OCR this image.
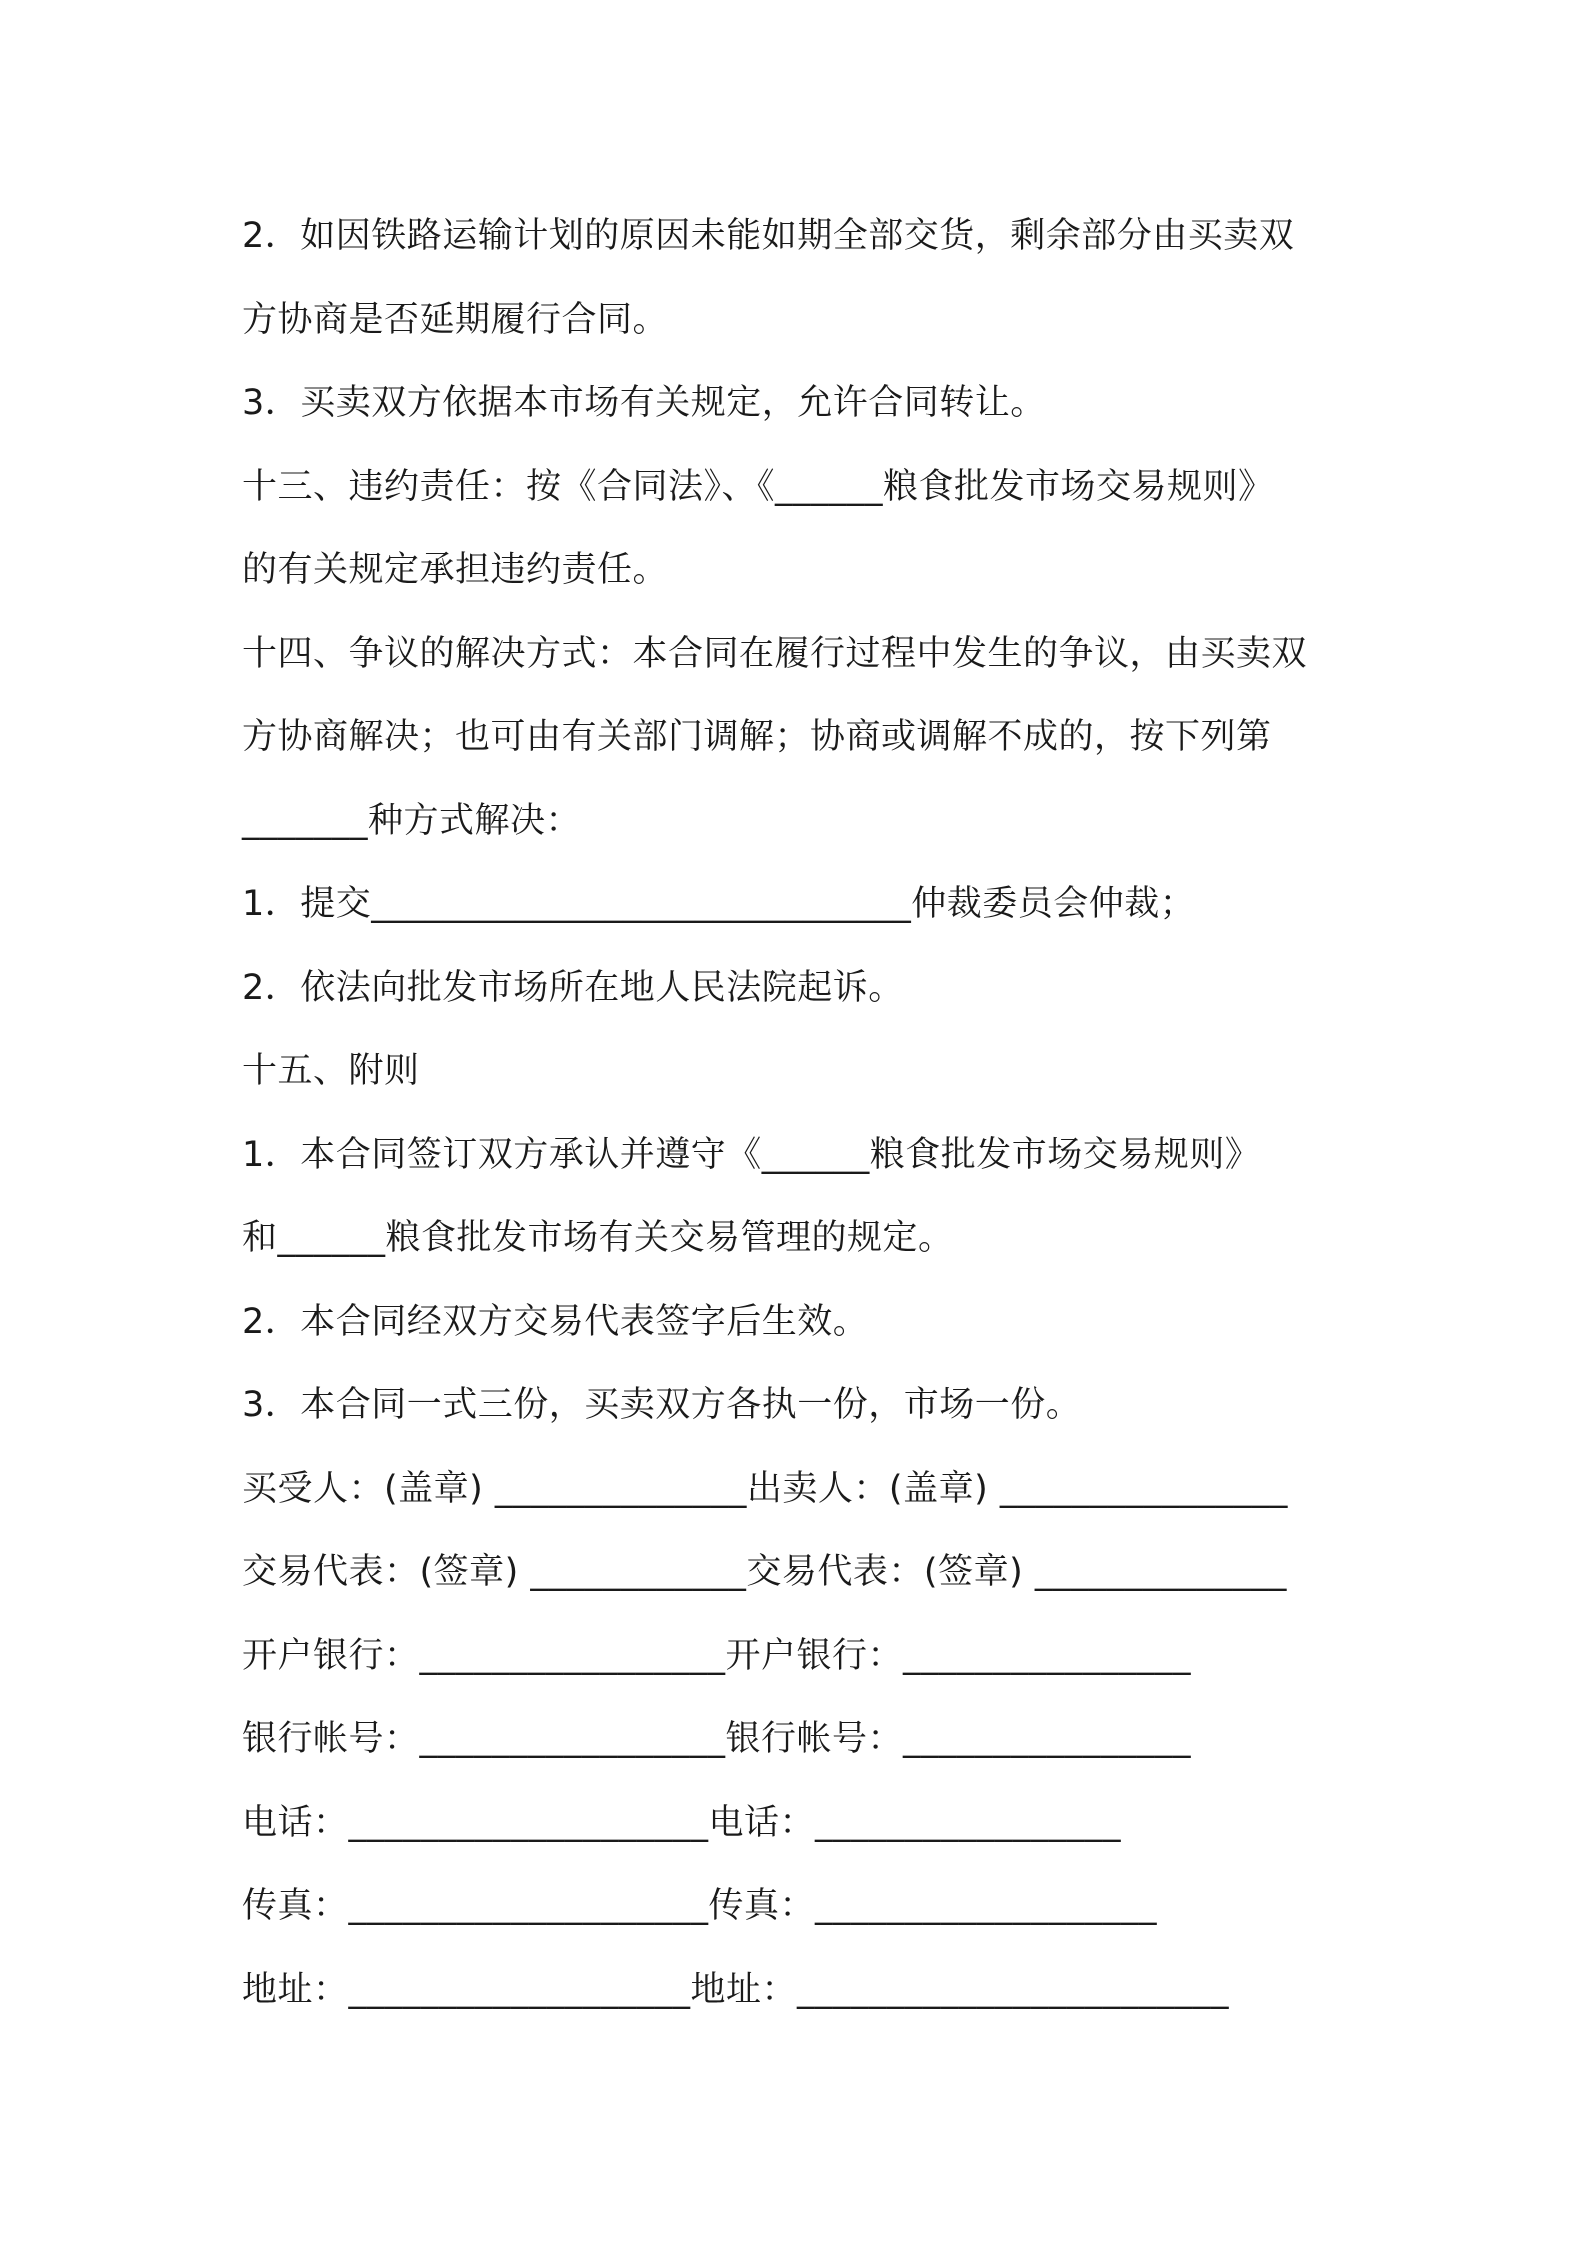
2．如因铁路运输计划的原因未能如期全部交货，剩余部分由买卖双
方协商是否延期履行合同。
3．买卖双方依据本市场有关规定，允许合同转让。
十三、违约责任：按《合同法》、《______粮食批发市场交易规则》
的有关规定承担违约责任。
十四、争议的解决方式：本合同在履行过程中发生的争议，由买卖双
方协商解决；也可由有关部门调解；协商或调解不成的，按下列第
_______种方式解决：
1．提交______________________________仲裁委员会仲裁；
2．依法向批发市场所在地人民法院起诉。
十五、附则
1．本合同签订双方承认并遵守《______粮食批发市场交易规则》
和______粮食批发市场有关交易管理的规定。
2．本合同经双方交易代表签字后生效。
3．本合同一式三份，买卖双方各执一份，市场一份。
买受人：(盖章) ______________出卖人：(盖章) ________________
交易代表：(签章) ____________交易代表：(签章) ______________
开户银行：_________________开户银行：________________
银行帐号：_________________银行帐号：________________
电话：____________________电话：_________________
传真：____________________传真：___________________
地址：___________________地址：________________________
